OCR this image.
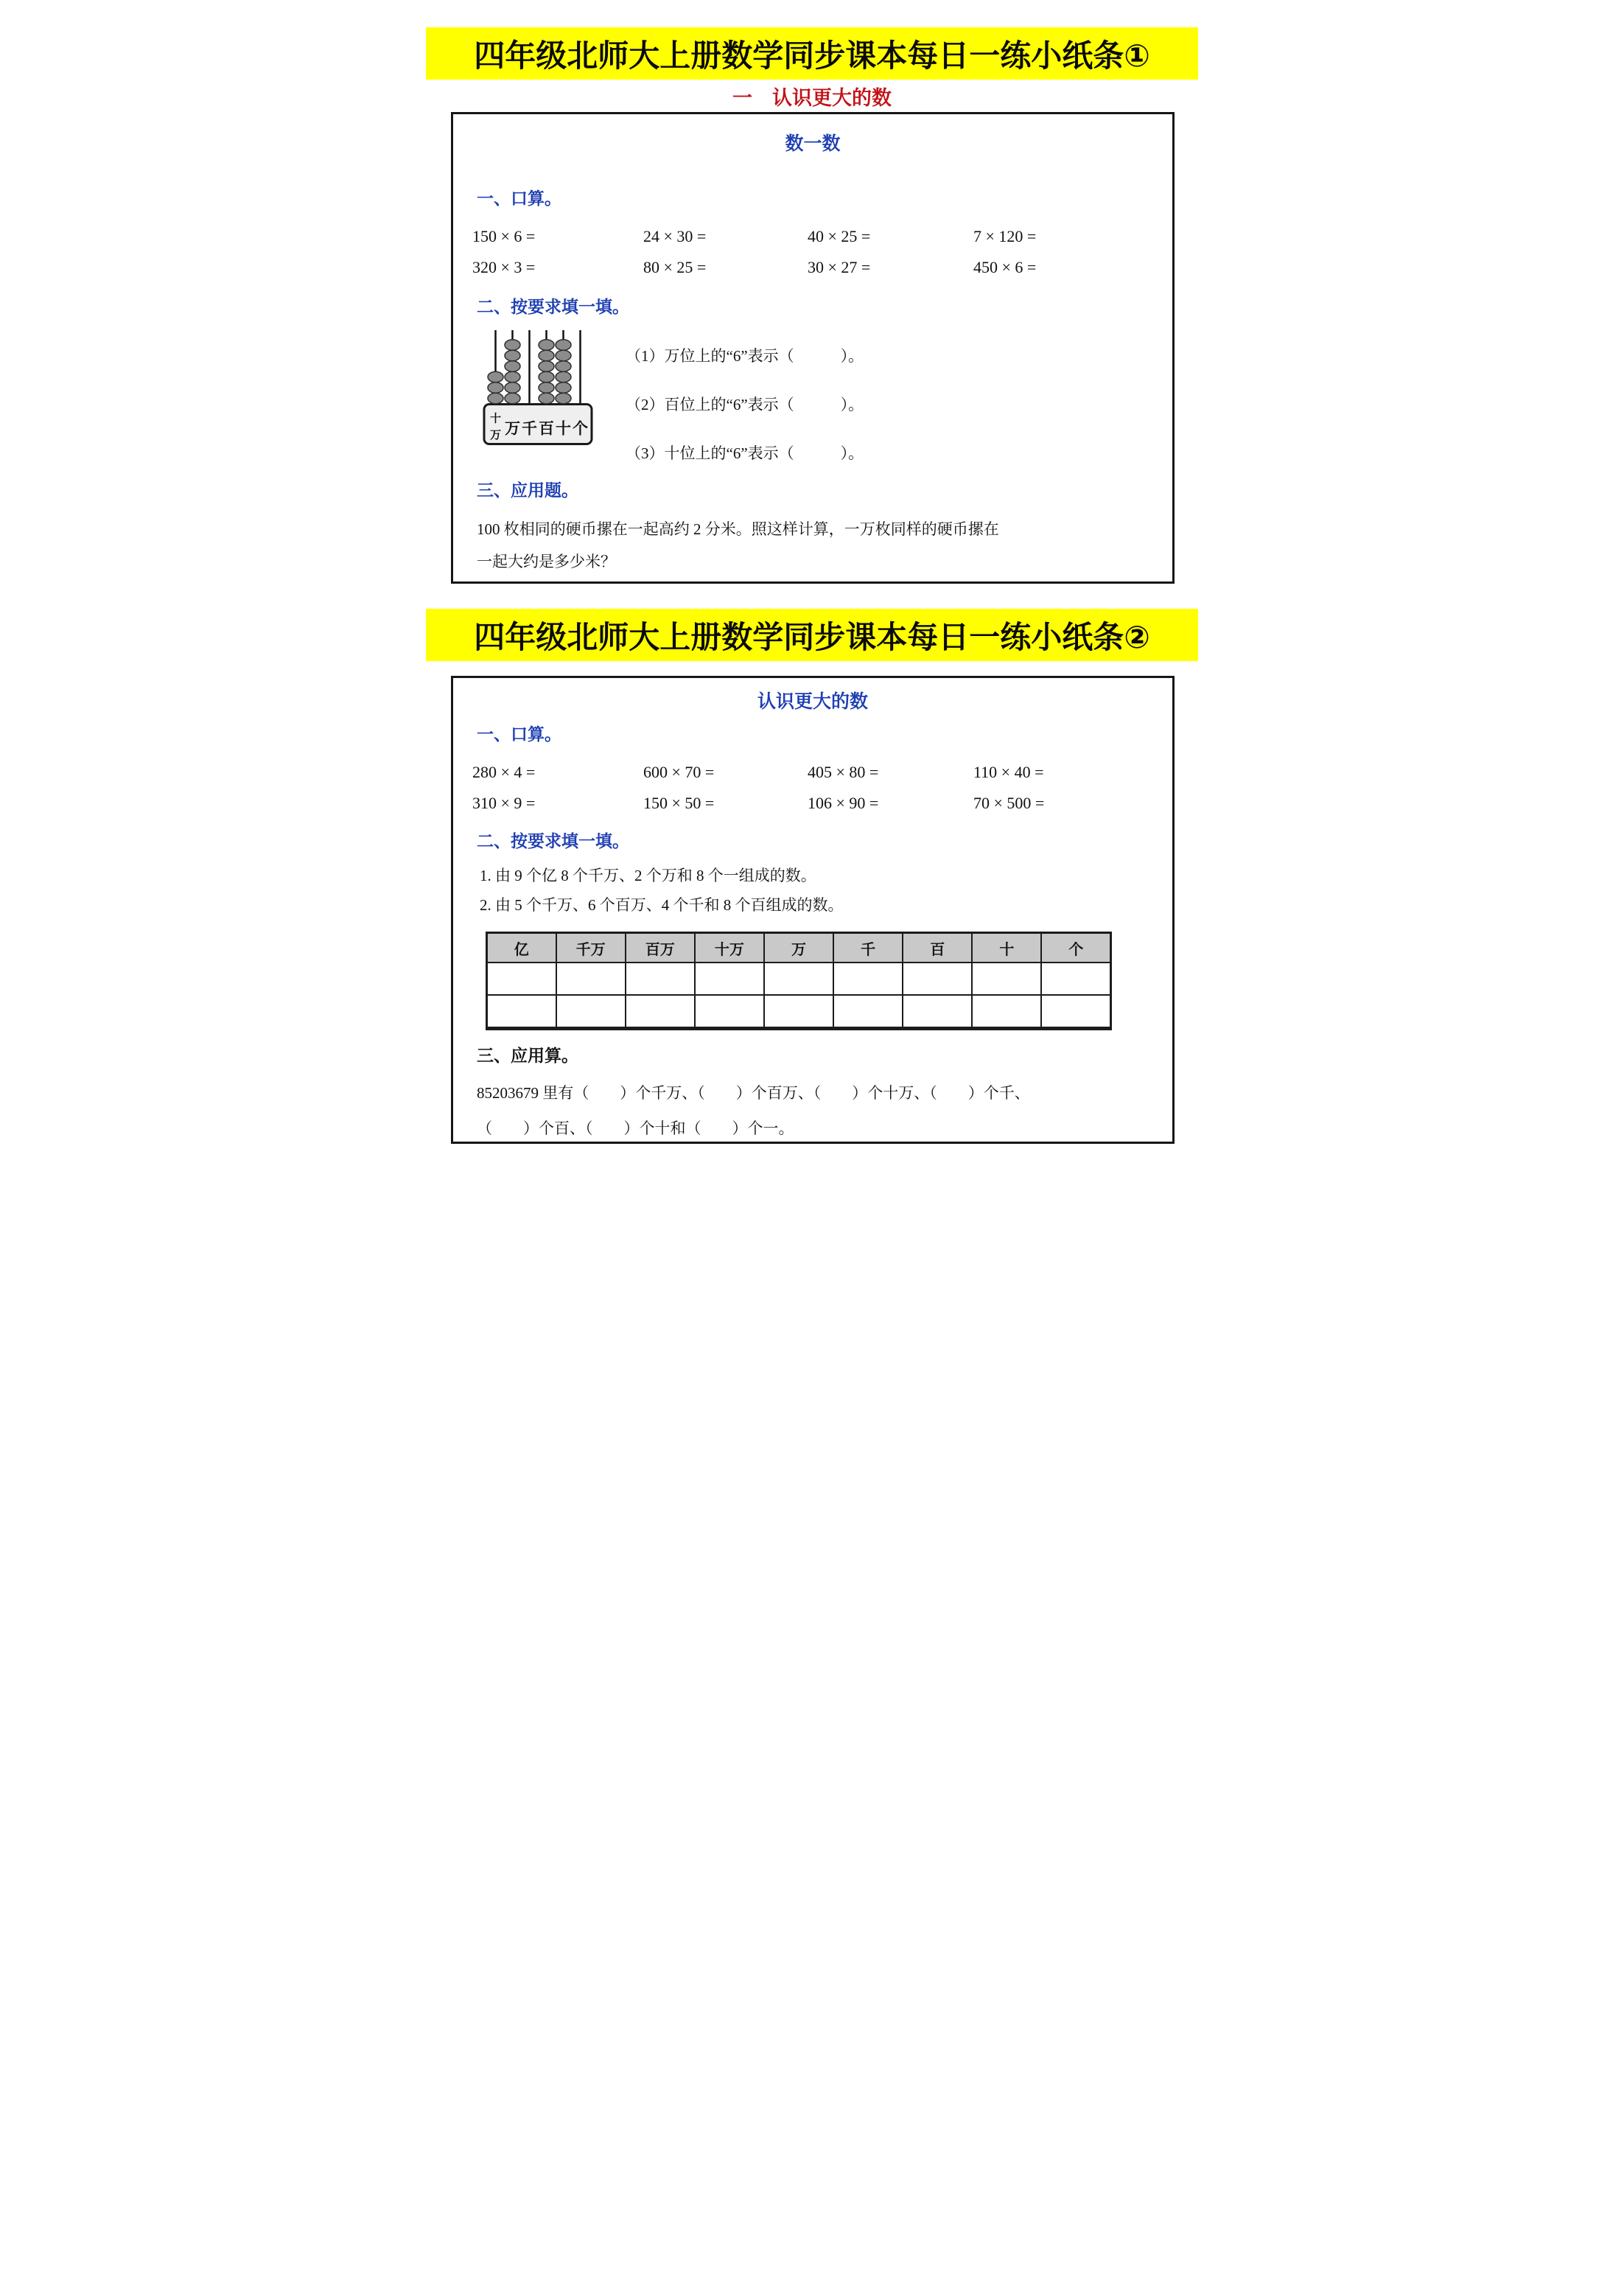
四年级北师大上册数学同步课本每日一练小纸条①
一　认识更大的数
数一数
一、口算。
150 × 6 =	24 × 30 =	40 × 25 =	7 × 120 =
320 × 3 =	80 × 25 =	30 × 27 =	450 × 6 =
二、按要求填一填。
十
万 万 千 百 十 个
（1）万位上的“6”表示（　　　）。
（2）百位上的“6”表示（　　　）。
（3）十位上的“6”表示（　　　）。
三、应用题。
100 枚相同的硬币摞在一起高约 2 分米。照这样计算，一万枚同样的硬币摞在
一起大约是多少米？
四年级北师大上册数学同步课本每日一练小纸条②
认识更大的数
一、口算。
280 × 4 =	600 × 70 =	405 × 80 =	110 × 40 =
310 × 9 =	150 × 50 =	106 × 90 =	70 × 500 =
二、按要求填一填。
1. 由 9 个亿 8 个千万、2 个万和 8 个一组成的数。
2. 由 5 个千万、6 个百万、4 个千和 8 个百组成的数。
亿	千万	百万	十万	万	千	百	十	个

三、应用算。
85203679 里有（　　）个千万、（　　）个百万、（　　）个十万、（　　）个千、
（　　）个百、（　　）个十和（　　）个一。
